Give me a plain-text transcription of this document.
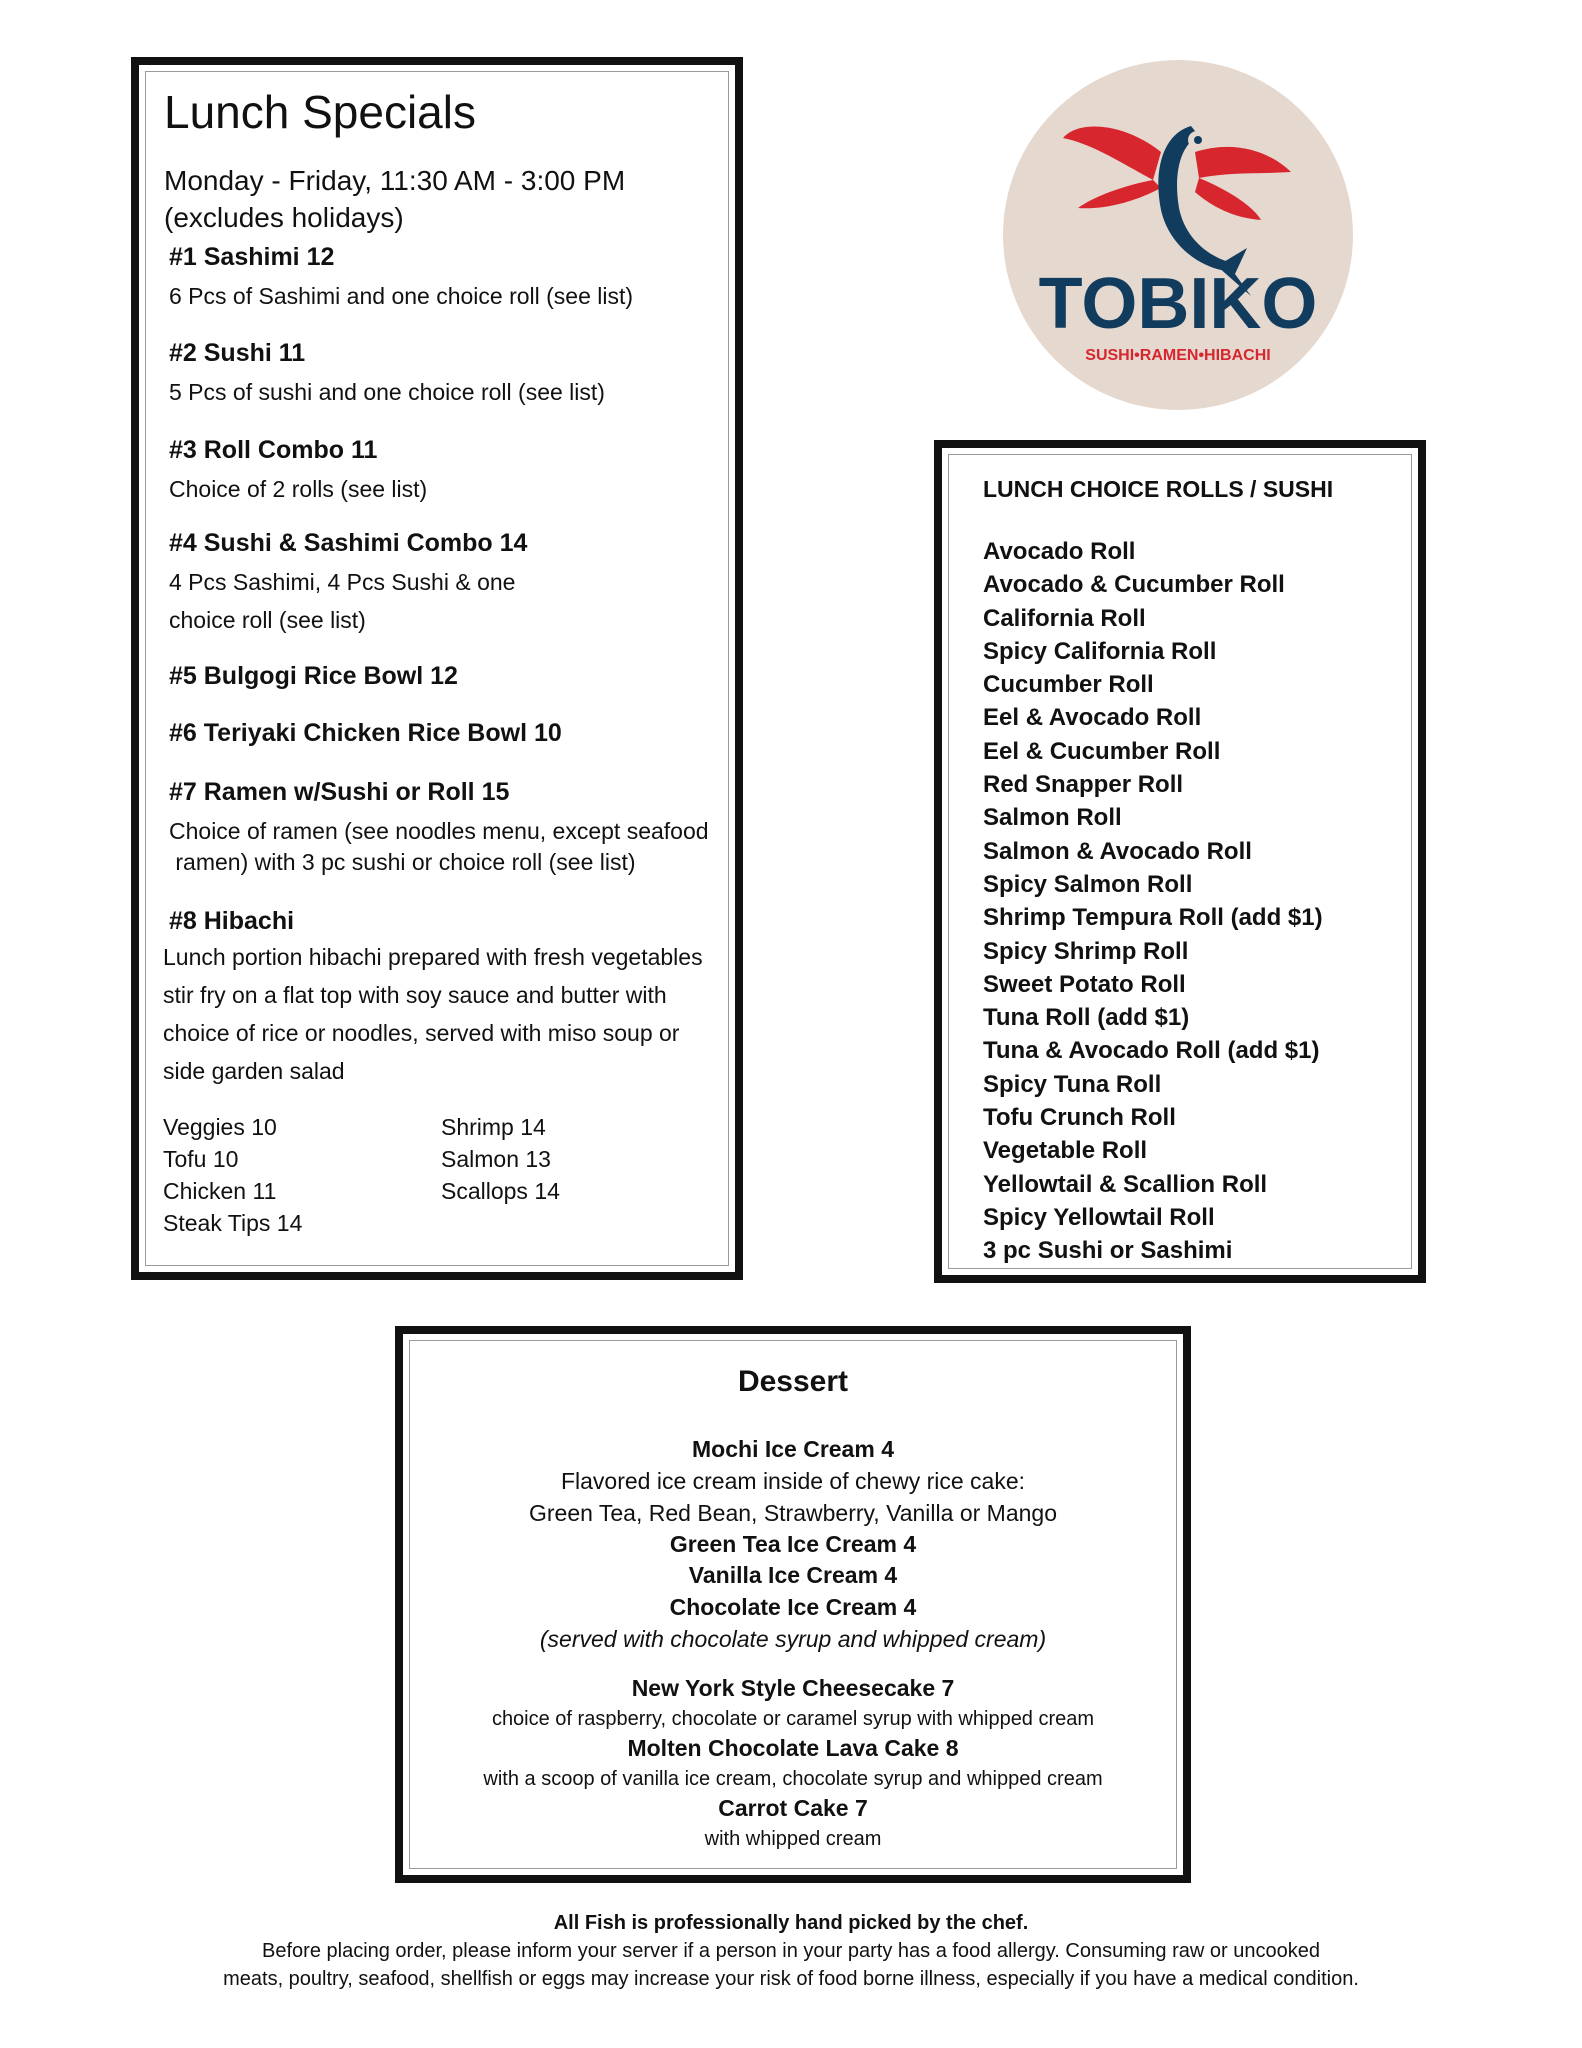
Lunch Specials
Monday - Friday, 11:30 AM - 3:00 PM
(excludes holidays)
#1 Sashimi 12
6 Pcs of Sashimi and one choice roll (see list)
#2 Sushi 11
5 Pcs of sushi and one choice roll (see list)
#3 Roll Combo 11
Choice of 2 rolls (see list)
#4 Sushi & Sashimi Combo 14
4 Pcs Sashimi, 4 Pcs Sushi & one
choice roll (see list)
#5 Bulgogi Rice Bowl 12
#6 Teriyaki Chicken Rice Bowl 10
#7 Ramen w/Sushi or Roll 15
Choice of ramen (see noodles menu, except seafood
ramen) with 3 pc sushi or choice roll (see list)
#8 Hibachi
Lunch portion hibachi prepared with fresh vegetables
stir fry on a flat top with soy sauce and butter with
choice of rice or noodles, served with miso soup or
side garden salad
Veggies 10
Tofu 10
Chicken 11
Steak Tips 14
Shrimp 14
Salmon 13
Scallops 14
TOBIKO
SUSHI•RAMEN•HIBACHI
LUNCH CHOICE ROLLS / SUSHI
Avocado Roll
Avocado & Cucumber Roll
California Roll
Spicy California Roll
Cucumber Roll
Eel & Avocado Roll
Eel & Cucumber Roll
Red Snapper Roll
Salmon Roll
Salmon & Avocado Roll
Spicy Salmon Roll
Shrimp Tempura Roll (add $1)
Spicy Shrimp Roll
Sweet Potato Roll
Tuna Roll (add $1)
Tuna & Avocado Roll (add $1)
Spicy Tuna Roll
Tofu Crunch Roll
Vegetable Roll
Yellowtail & Scallion Roll
Spicy Yellowtail Roll
3 pc Sushi or Sashimi
Dessert
Mochi Ice Cream 4
Flavored ice cream inside of chewy rice cake:
Green Tea, Red Bean, Strawberry, Vanilla or Mango
Green Tea Ice Cream 4
Vanilla Ice Cream 4
Chocolate Ice Cream 4
(served with chocolate syrup and whipped cream)
New York Style Cheesecake 7
choice of raspberry, chocolate or caramel syrup with whipped cream
Molten Chocolate Lava Cake 8
with a scoop of vanilla ice cream, chocolate syrup and whipped cream
Carrot Cake 7
with whipped cream
All Fish is professionally hand picked by the chef.
Before placing order, please inform your server if a person in your party has a food allergy. Consuming raw or uncooked
meats, poultry, seafood, shellfish or eggs may increase your risk of food borne illness, especially if you have a medical condition.
